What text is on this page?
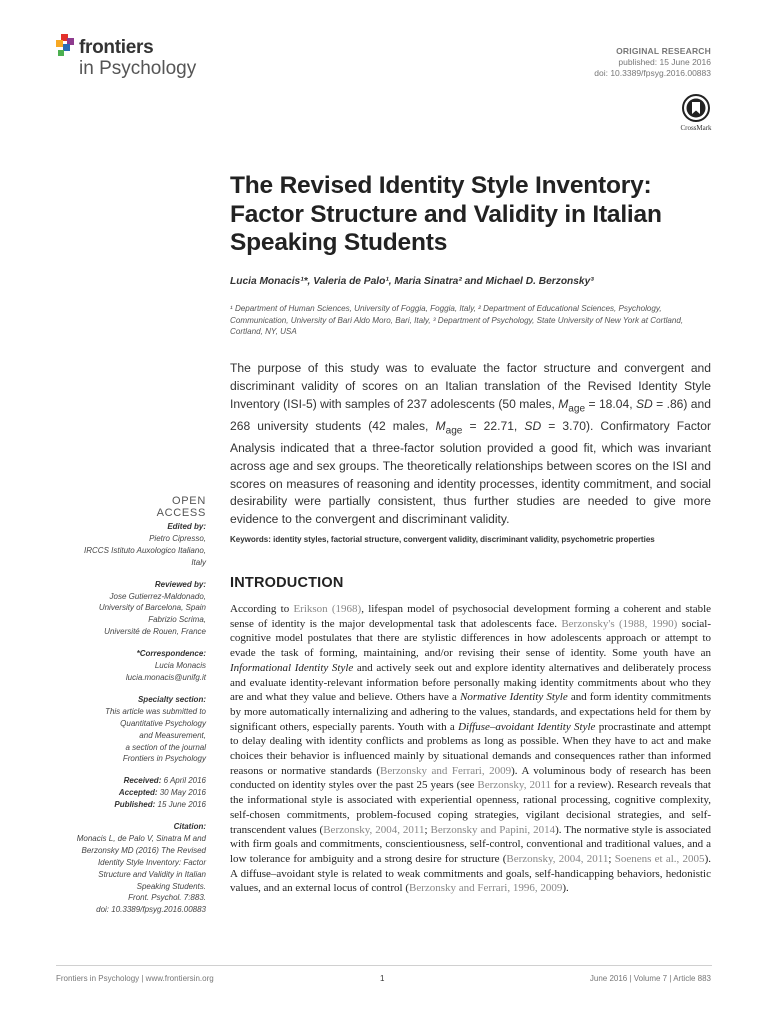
frontiers
in Psychology
ORIGINAL RESEARCH
published: 15 June 2016
doi: 10.3389/fpsyg.2016.00883
CrossMark
The Revised Identity Style Inventory: Factor Structure and Validity in Italian Speaking Students
Lucia Monacis¹*, Valeria de Palo¹, Maria Sinatra² and Michael D. Berzonsky³
¹ Department of Human Sciences, University of Foggia, Foggia, Italy, ² Department of Educational Sciences, Psychology, Communication, University of Bari Aldo Moro, Bari, Italy, ³ Department of Psychology, State University of New York at Cortland, Cortland, NY, USA
The purpose of this study was to evaluate the factor structure and convergent and discriminant validity of scores on an Italian translation of the Revised Identity Style Inventory (ISI-5) with samples of 237 adolescents (50 males, $M_{age} = 18.04$, SD = .86) and 268 university students (42 males, $M_{age} = 22.71$, SD = 3.70). Confirmatory Factor Analysis indicated that a three-factor solution provided a good fit, which was invariant across age and sex groups. The theoretically relationships between scores on the ISI and scores on measures of reasoning and identity processes, identity commitment, and social desirability were partially consistent, thus further studies are needed to give more evidence to the convergent and discriminant validity.
Keywords: identity styles, factorial structure, convergent validity, discriminant validity, psychometric properties
INTRODUCTION
According to Erikson (1968), lifespan model of psychosocial development forming a coherent and stable sense of identity is the major developmental task that adolescents face. Berzonsky's (1988, 1990) social-cognitive model postulates that there are stylistic differences in how adolescents approach or attempt to evade the task of forming, maintaining, and/or revising their sense of identity. Some youth have an Informational Identity Style and actively seek out and explore identity alternatives and deliberately process and evaluate identity-relevant information before personally making identity commitments about who they are and what they value and believe. Others have a Normative Identity Style and form identity commitments by more automatically internalizing and adhering to the values, standards, and expectations held for them by significant others, especially parents. Youth with a Diffuse–avoidant Identity Style procrastinate and attempt to delay dealing with identity conflicts and problems as long as possible. When they have to act and make choices their behavior is influenced mainly by situational demands and consequences rather than informed reasons or normative standards (Berzonsky and Ferrari, 2009). A voluminous body of research has been conducted on identity styles over the past 25 years (see Berzonsky, 2011 for a review). Research reveals that the informational style is associated with experiential openness, rational processing, cognitive complexity, self-chosen commitments, problem-focused coping strategies, vigilant decisional strategies, and self-transcendent values (Berzonsky, 2004, 2011; Berzonsky and Papini, 2014). The normative style is associated with firm goals and commitments, conscientiousness, self-control, conventional and traditional values, and a low tolerance for ambiguity and a strong desire for structure (Berzonsky, 2004, 2011; Soenens et al., 2005). A diffuse–avoidant style is related to weak commitments and goals, self-handicapping behaviors, hedonistic values, and an external locus of control (Berzonsky and Ferrari, 1996, 2009).
OPEN ACCESS
Edited by:
Pietro Cipresso,
IRCCS Istituto Auxologico Italiano,
Italy
Reviewed by:
Jose Gutierrez-Maldonado,
University of Barcelona, Spain
Fabrizio Scrima,
Université de Rouen, France
*Correspondence:
Lucia Monacis
lucia.monacis@unifg.it
Specialty section:
This article was submitted to
Quantitative Psychology
and Measurement,
a section of the journal
Frontiers in Psychology
Received: 6 April 2016
Accepted: 30 May 2016
Published: 15 June 2016
Citation:
Monacis L, de Palo V, Sinatra M and
Berzonsky MD (2016) The Revised
Identity Style Inventory: Factor
Structure and Validity in Italian
Speaking Students.
Front. Psychol. 7:883.
doi: 10.3389/fpsyg.2016.00883
Frontiers in Psychology | www.frontiersin.org	1	June 2016 | Volume 7 | Article 883
